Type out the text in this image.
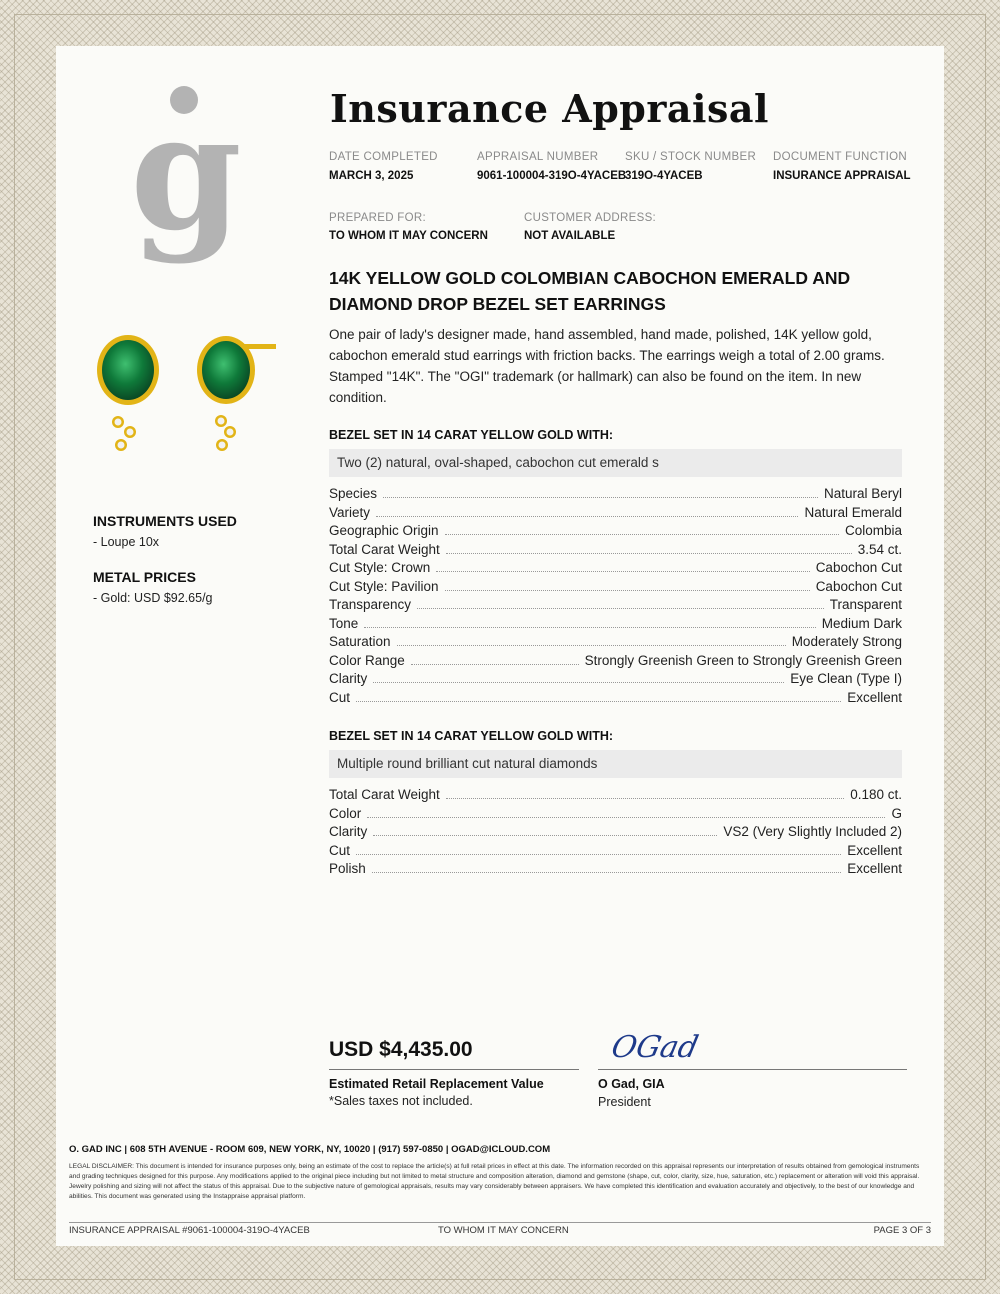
g
INSTRUMENTS USED
- Loupe 10x
METAL PRICES
- Gold: USD $92.65/g
Insurance Appraisal
DATE COMPLETED
MARCH 3, 2025
APPRAISAL NUMBER
9061-100004-319O-4YACEB
SKU / STOCK NUMBER
319O-4YACEB
DOCUMENT FUNCTION
INSURANCE APPRAISAL
PREPARED FOR:
TO WHOM IT MAY CONCERN
CUSTOMER ADDRESS:
NOT AVAILABLE
14K YELLOW GOLD COLOMBIAN CABOCHON EMERALD AND
DIAMOND DROP BEZEL SET EARRINGS
One pair of lady's designer made, hand assembled, hand made, polished, 14K yellow gold, cabochon emerald stud earrings with friction backs. The earrings weigh a total of 2.00 grams. Stamped "14K". The "OGI" trademark (or hallmark) can also be found on the item. In new condition.
BEZEL SET IN 14 CARAT YELLOW GOLD WITH:
Two (2) natural, oval-shaped, cabochon cut emerald s
Species	Natural Beryl
Variety	Natural Emerald
Geographic Origin	Colombia
Total Carat Weight	3.54 ct.
Cut Style: Crown	Cabochon Cut
Cut Style: Pavilion	Cabochon Cut
Transparency	Transparent
Tone	Medium Dark
Saturation	Moderately Strong
Color Range	Strongly Greenish Green to Strongly Greenish Green
Clarity	Eye Clean (Type I)
Cut	Excellent
BEZEL SET IN 14 CARAT YELLOW GOLD WITH:
Multiple round brilliant cut natural diamonds
Total Carat Weight	0.180 ct.
Color	G
Clarity	VS2 (Very Slightly Included 2)
Cut	Excellent
Polish	Excellent
USD $4,435.00
Estimated Retail Replacement Value
*Sales taxes not included.
OGad
O Gad, GIA
President
O. GAD INC | 608 5TH AVENUE - ROOM 609, NEW YORK, NY, 10020 | (917) 597-0850 | OGAD@ICLOUD.COM
LEGAL DISCLAIMER: This document is intended for insurance purposes only, being an estimate of the cost to replace the article(s) at full retail prices in effect at this date. The information recorded on this appraisal represents our interpretation of results obtained from gemological instruments and grading techniques designed for this purpose. Any modifications applied to the original piece including but not limited to metal structure and composition alteration, diamond and gemstone (shape, cut, color, clarity, size, hue, saturation, etc.) replacement or alteration will void this appraisal. Jewelry polishing and sizing will not affect the status of this appraisal. Due to the subjective nature of gemological appraisals, results may vary considerably between appraisers. We have completed this identification and evaluation accurately and objectively, to the best of our knowledge and abilities. This document was generated using the Instappraise appraisal platform.
INSURANCE APPRAISAL #9061-100004-319O-4YACEB	TO WHOM IT MAY CONCERN	PAGE 3 OF 3
